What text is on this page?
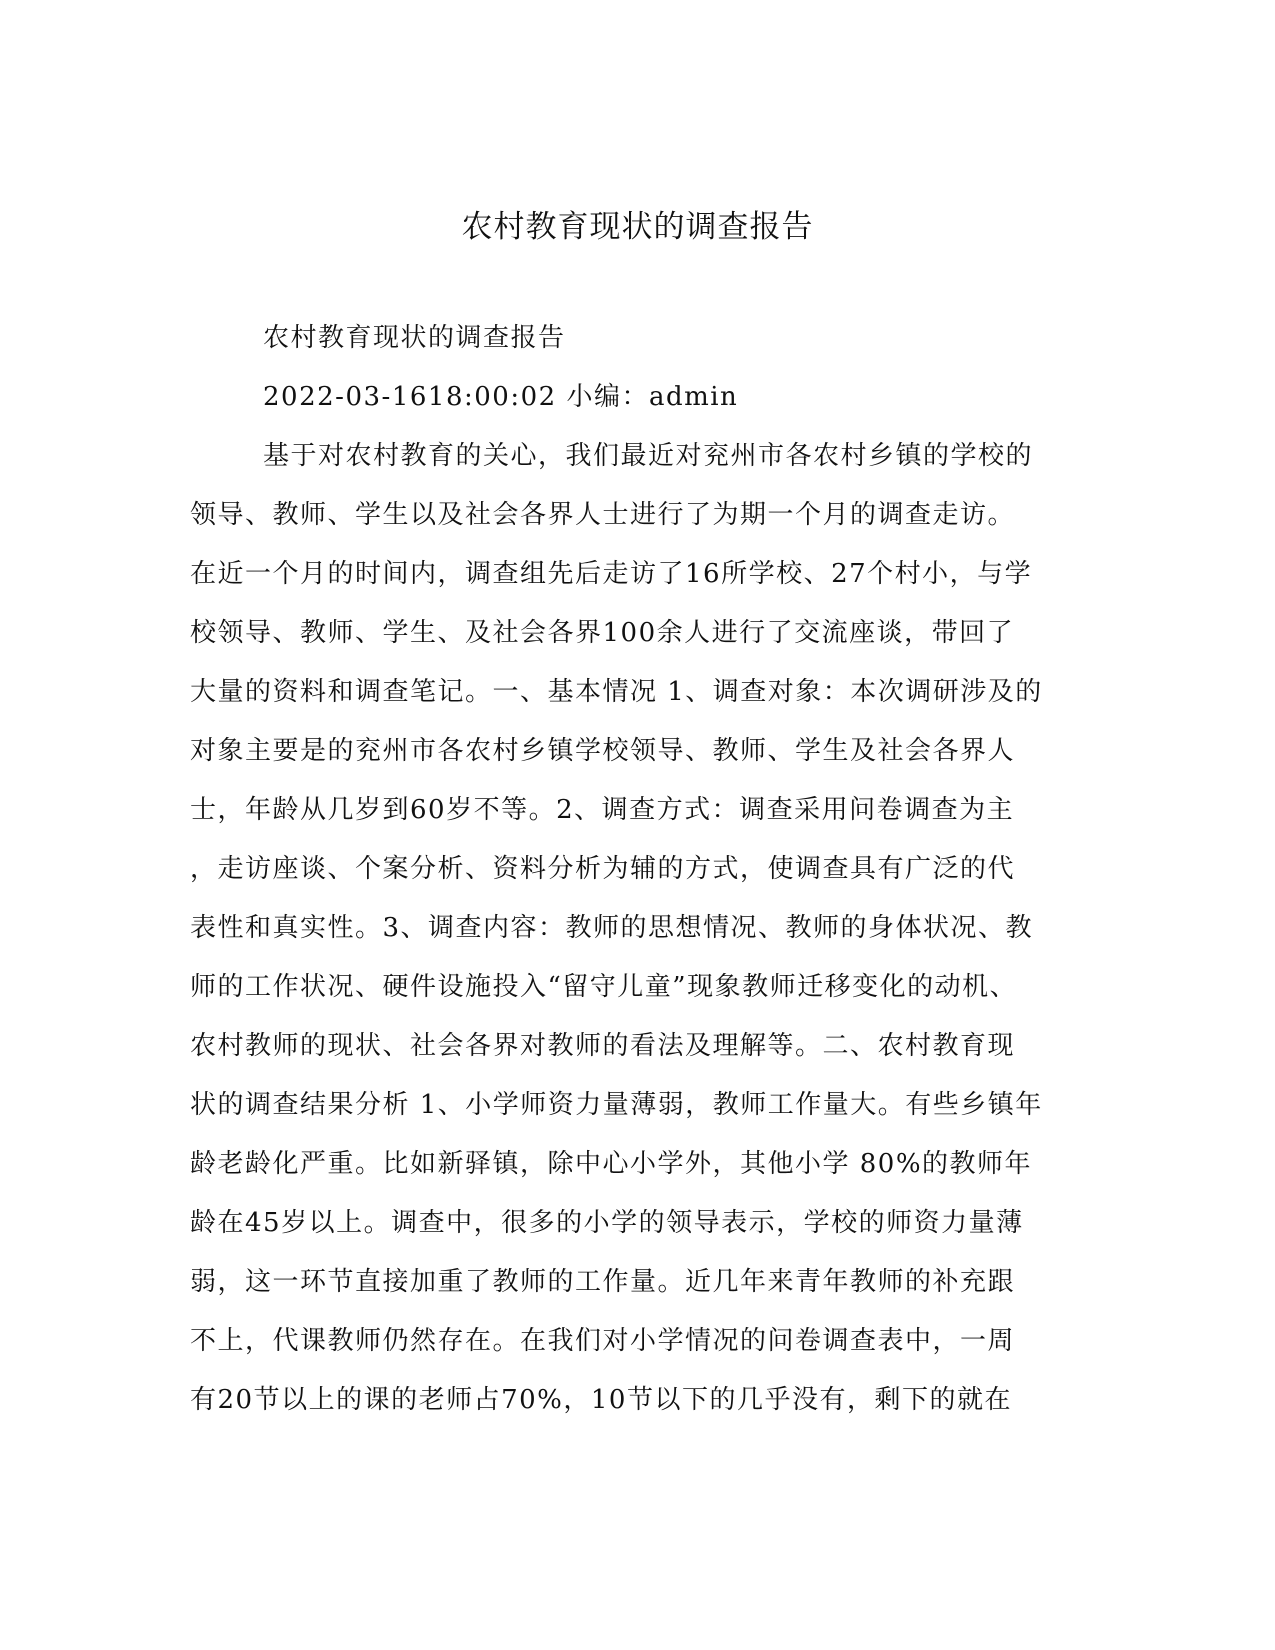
农村教育现状的调查报告

农村教育现状的调查报告

2022-03-1618:00:02 小编：admin

基于对农村教育的关心，我们最近对兖州市各农村乡镇的学校的

领导、教师、学生以及社会各界人士进行了为期一个月的调查走访。

在近一个月的时间内，调查组先后走访了16所学校、27个村小，与学

校领导、教师、学生、及社会各界100余人进行了交流座谈，带回了

大量的资料和调查笔记。一、基本情况 1、调查对象：本次调研涉及的

对象主要是的兖州市各农村乡镇学校领导、教师、学生及社会各界人

士，年龄从几岁到60岁不等。2、调查方式：调查采用问卷调查为主

，走访座谈、个案分析、资料分析为辅的方式，使调查具有广泛的代

表性和真实性。3、调查内容：教师的思想情况、教师的身体状况、教

师的工作状况、硬件设施投入“留守儿童”现象教师迁移变化的动机、

农村教师的现状、社会各界对教师的看法及理解等。二、农村教育现

状的调查结果分析 1、小学师资力量薄弱，教师工作量大。有些乡镇年

龄老龄化严重。比如新驿镇，除中心小学外，其他小学 80%的教师年

龄在45岁以上。调查中，很多的小学的领导表示，学校的师资力量薄

弱，这一环节直接加重了教师的工作量。近几年来青年教师的补充跟

不上，代课教师仍然存在。在我们对小学情况的问卷调查表中，一周

有20节以上的课的老师占70%，10节以下的几乎没有，剩下的就在
